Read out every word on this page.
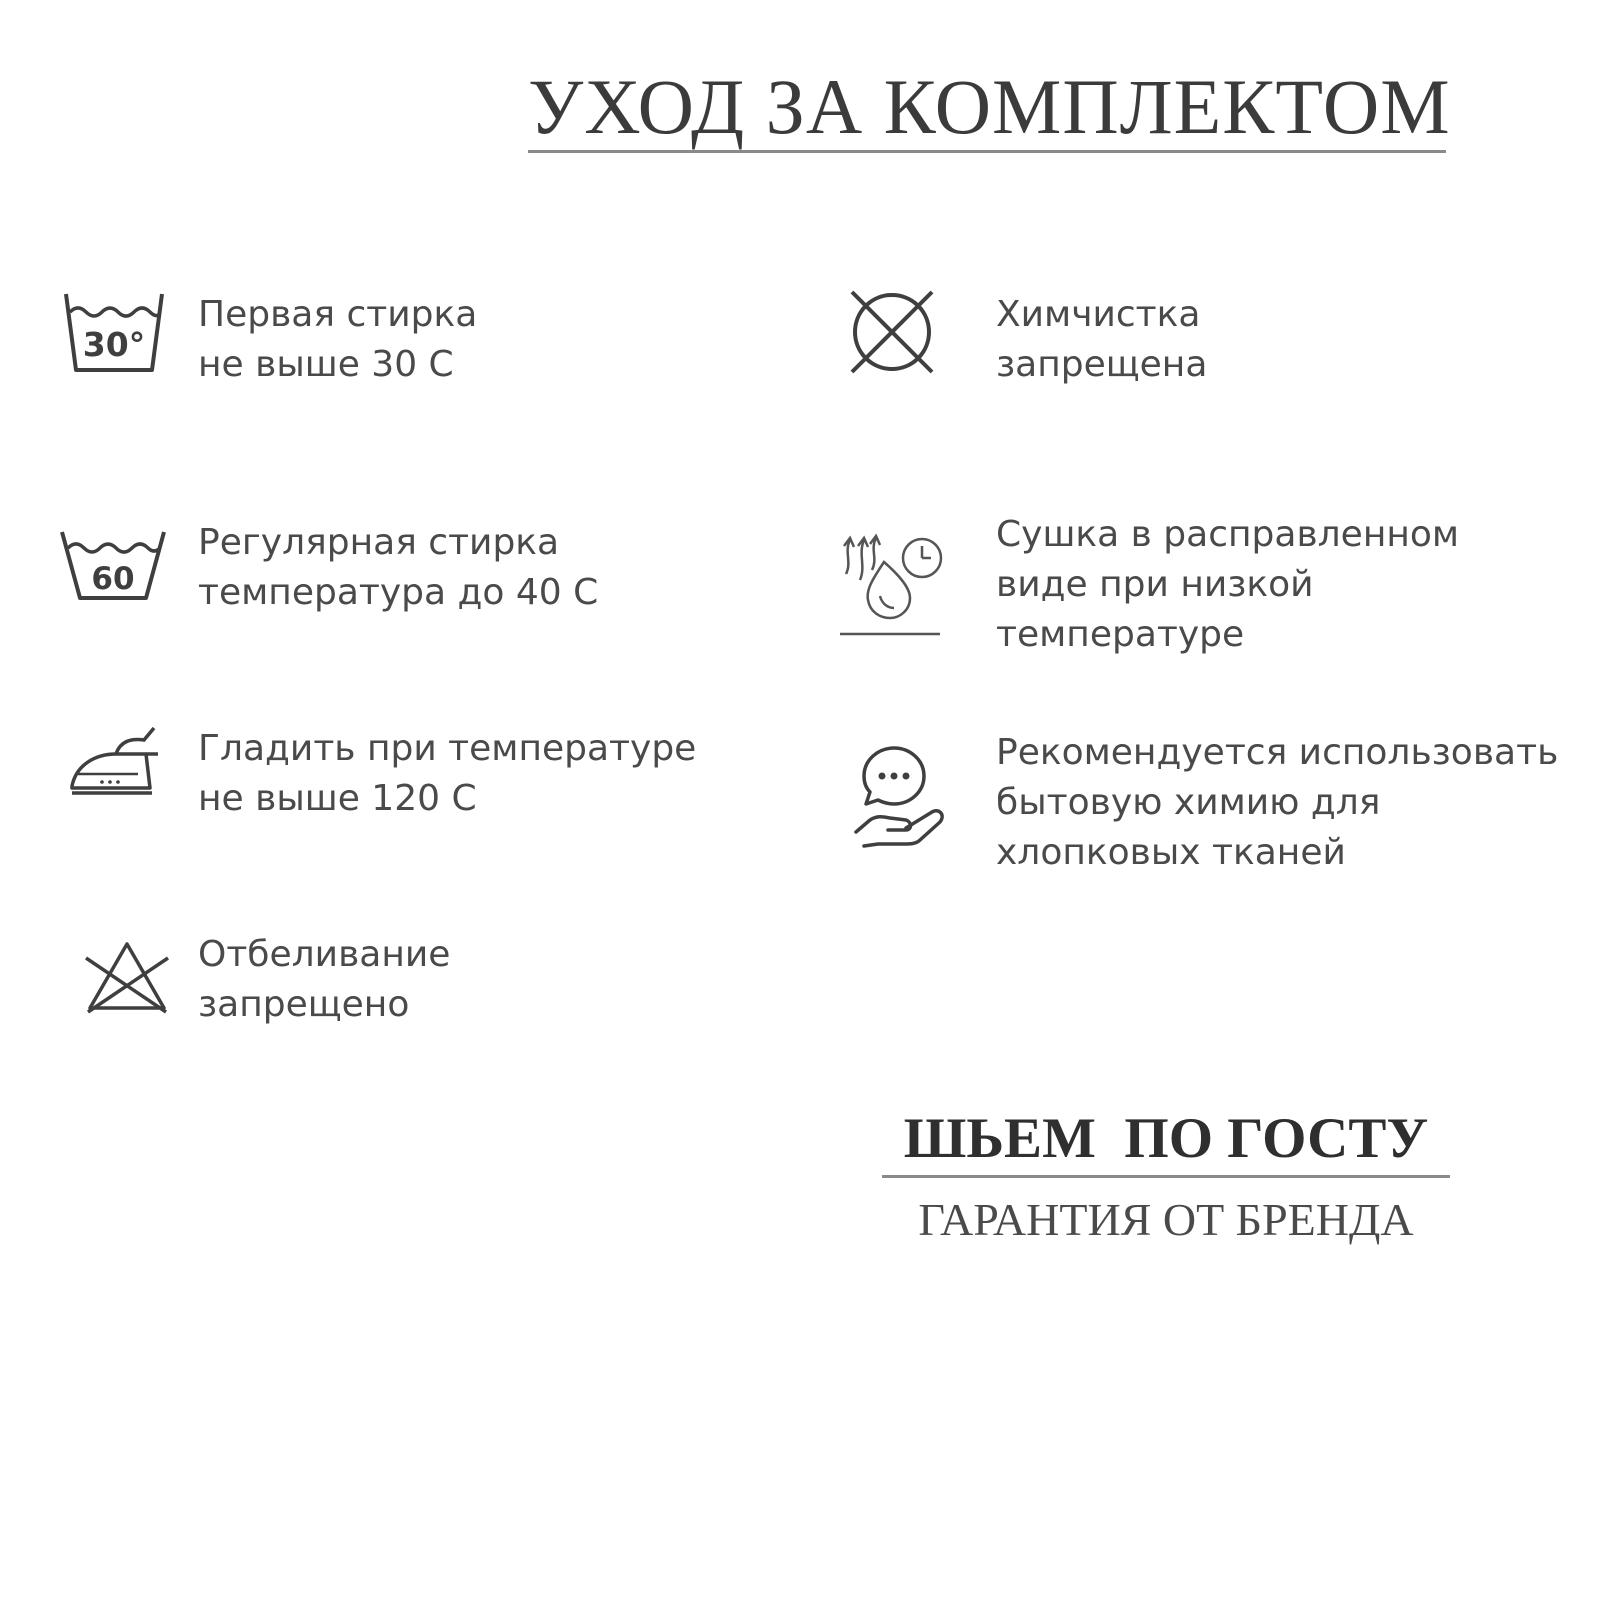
УХОД ЗА КОМПЛЕКТОМ
30°
Первая стирка
не выше 30 С
Химчистка
запрещена
60
Регулярная стирка
температура до 40 С
Сушка в расправленном
виде при низкой
температуре
Гладить при температуре
не выше 120 С
Рекомендуется использовать
бытовую химию для
хлопковых тканей
Отбеливание
запрещено
ШЬЕМ  ПО ГОСТУ
ГАРАНТИЯ ОТ БРЕНДА
